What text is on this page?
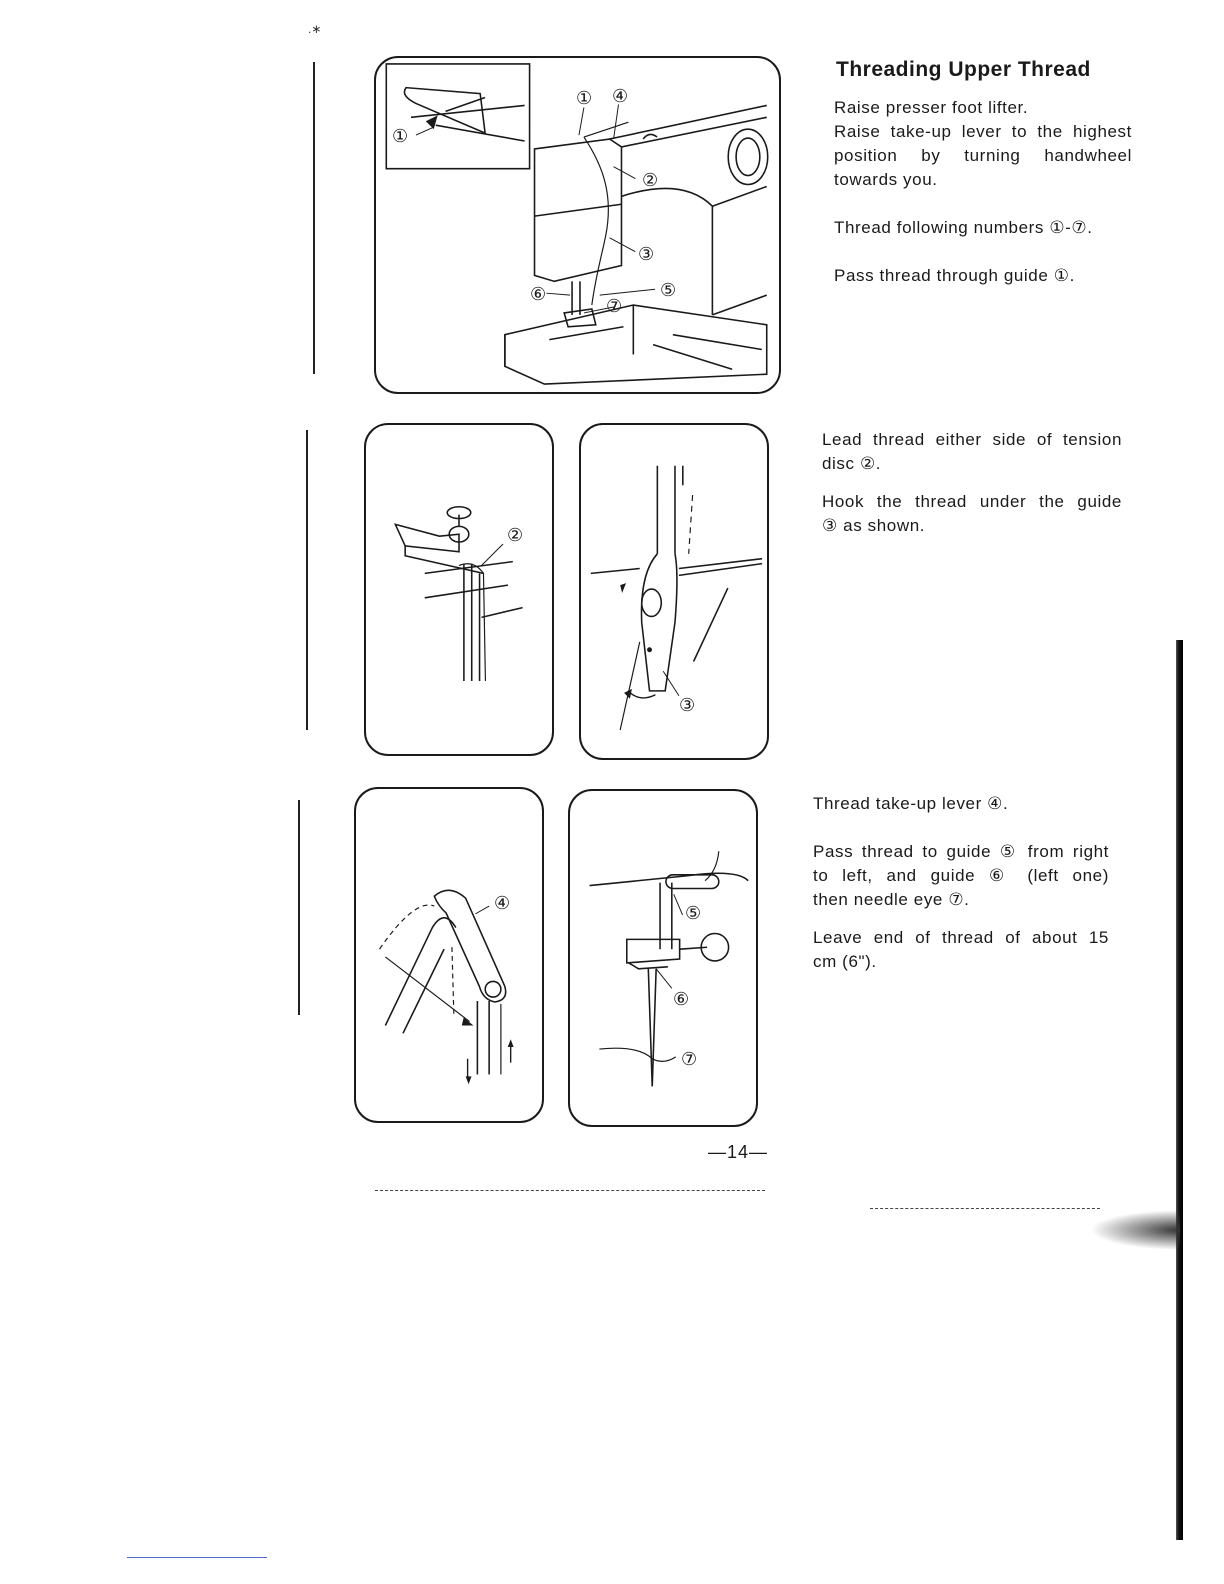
.∗
①
① ④
②
③
⑤
⑥
⑦
Threading Upper Thread

Raise presser foot lifter.

Raise take-up lever to the highest

position by turning handwheel

towards you.

Thread following numbers ①-⑦.

Pass thread through guide ①.

②
③

Lead thread either side of tension

disc ②.

Hook the thread under the guide

③ as shown.

④	⑤
⑥
⑦

Thread take-up lever ④.

Pass thread to guide ⑤ from right

to left, and guide ⑥ (left one)

then needle eye ⑦.

Leave end of thread of about 15

cm (6").

—14—
